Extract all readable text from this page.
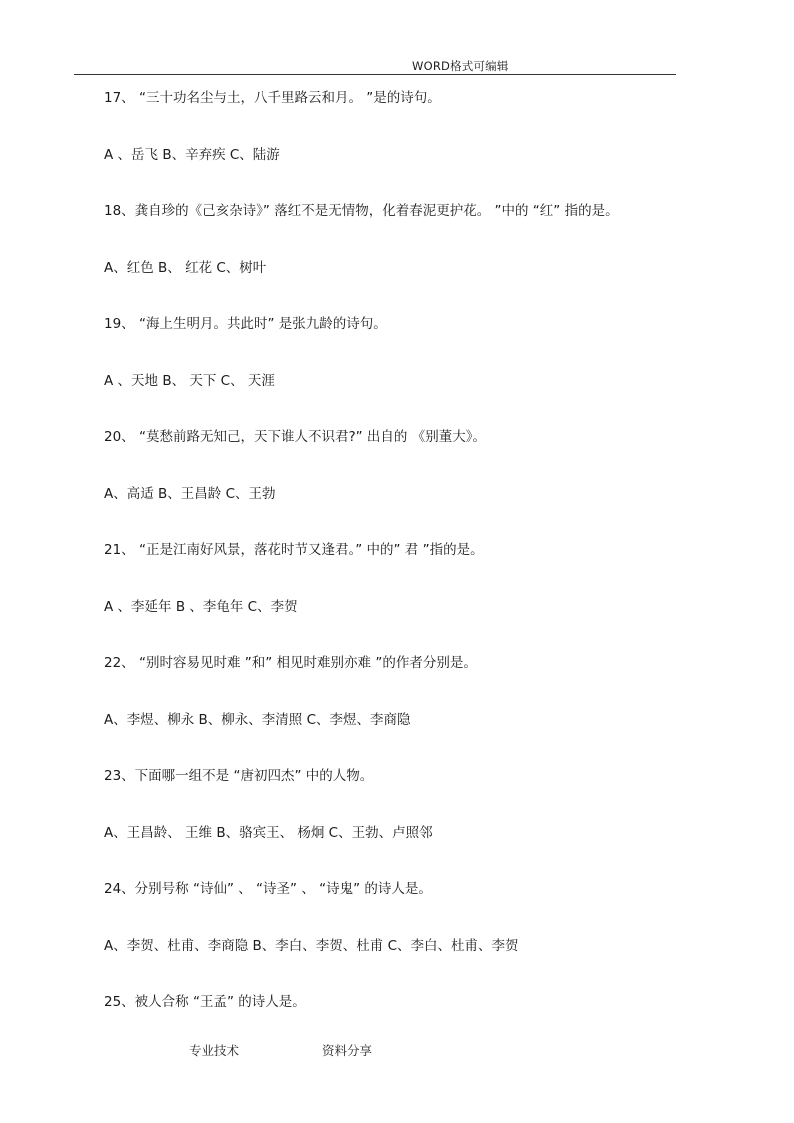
WORD格式可编辑
17、 “三十功名尘与土，八千里路云和月。 ”是的诗句。
A 、岳飞 B、辛弃疾 C、陆游
18、龚自珍的《己亥杂诗》” 落红不是无情物，化着春泥更护花。 ”中的 “红” 指的是。
A、红色 B、 红花 C、树叶
19、 “海上生明月。共此时” 是张九龄的诗句。
A 、天地 B、 天下 C、 天涯
20、 “莫愁前路无知己，天下谁人不识君?” 出自的 《别董大》。
A、高适 B、王昌龄 C、王勃
21、 “正是江南好风景，落花时节又逢君。” 中的” 君 ”指的是。
A 、李延年 B 、李龟年 C、李贺
22、 “别时容易见时难 ”和” 相见时难别亦难 ”的作者分别是。
A、李煜、柳永 B、柳永、李清照 C、李煜、李商隐
23、下面哪一组不是 “唐初四杰” 中的人物。
A、王昌龄、 王维 B、骆宾王、 杨炯 C、王勃、卢照邻
24、分别号称 “诗仙” 、 “诗圣” 、 “诗鬼” 的诗人是。
A、李贺、杜甫、李商隐 B、李白、李贺、杜甫 C、李白、杜甫、李贺
25、被人合称 “王孟” 的诗人是。
专业技术	资料分享
